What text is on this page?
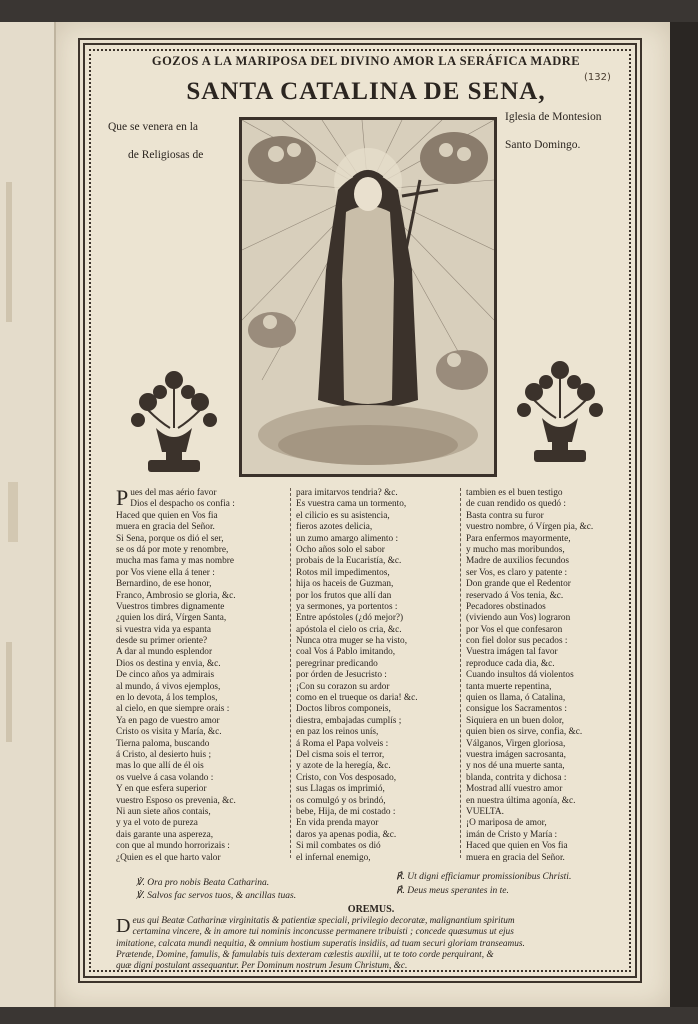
GOZOS A LA MARIPOSA DEL DIVINO AMOR LA SERÁFICA MADRE
SANTA CATALINA DE SENA,
(132)
Que se venera en la
de Religiosas de
Iglesia de Montesion
Santo Domingo.
P ues del mas aério favor
Dios el despacho os confia :
Haced que quien en Vos fia
muera en gracia del Señor.
Si Sena, porque os dió el ser,
se os dá por mote y renombre,
mucha mas fama y mas nombre
por Vos viene ella á tener :
Bernardino, de ese honor,
Franco, Ambrosio se gloria, &c.
Vuestros timbres dignamente
¿quien los dirá, Vírgen Santa,
si vuestra vida ya espanta
desde su primer oriente?
A dar al mundo esplendor
Dios os destina y envia, &c.
De cinco años ya admirais
al mundo, á vivos ejemplos,
en lo devota, á los templos,
al cielo, en que siempre orais :
Ya en pago de vuestro amor
Cristo os visita y María, &c.
Tierna paloma, buscando
á Cristo, al desierto huis ;
mas lo que allí de él ois
os vuelve á casa volando :
Y en que esfera superior
vuestro Esposo os prevenia, &c.
Ni aun siete años contais,
y ya el voto de pureza
dais garante una aspereza,
con que al mundo horrorizais :
¿Quien es el que harto valor
para imitarvos tendria? &c.
Es vuestra cama un tormento,
el cilicio es su asistencia,
fieros azotes delicia,
un zumo amargo alimento :
Ocho años solo el sabor
probais de la Eucaristía, &c.
Rotos mil impedimentos,
hija os haceis de Guzman,
por los frutos que allí dan
ya sermones, ya portentos :
Entre apóstoles (¿dó mejor?)
apóstola el cielo os cria, &c.
Nunca otra muger se ha visto,
coal Vos á Pablo imitando,
peregrinar predicando
por órden de Jesucristo :
¡Con su corazon su ardor
como en el trueque os daria! &c.
Doctos libros componeis,
diestra, embajadas cumplís ;
en paz los reinos unís,
á Roma el Papa volveis :
Del cisma sois el terror,
y azote de la heregía, &c.
Cristo, con Vos desposado,
sus Llagas os imprimió,
os comulgó y os brindó,
bebe, Hija, de mi costado :
En vida prenda mayor
daros ya apenas podia, &c.
Si mil combates os dió
el infernal enemigo,
tambien es el buen testigo
de cuan rendido os quedó :
Basta contra su furor
vuestro nombre, ó Vírgen pia, &c.
Para enfermos mayormente,
y mucho mas moribundos,
Madre de auxilios fecundos
ser Vos, es claro y patente :
Don grande que el Redentor
reservado á Vos tenia, &c.
Pecadores obstinados
(viviendo aun Vos) lograron
por Vos el que confesaron
con fiel dolor sus pecados :
Vuestra imágen tal favor
reproduce cada dia, &c.
Cuando insultos dá violentos
tanta muerte repentina,
quien os llama, ó Catalina,
consigue los Sacramentos :
Siquiera en un buen dolor,
quien bien os sirve, confia, &c.
Válganos, Virgen gloriosa,
vuestra imágen sacrosanta,
y nos dé una muerte santa,
blanda, contrita y dichosa :
Mostrad allí vuestro amor
en nuestra última agonía, &c.
VUELTA.
¡O mariposa de amor,
imán de Cristo y María :
Haced que quien en Vos fia
muera en gracia del Señor.
℣. Ora pro nobis Beata Catharina.
℟. Ut digni efficiamur promissionibus Christi.
℣. Salvos fac servos tuos, & ancillas tuas.	℟. Deus meus sperantes in te.
OREMUS.
D eus qui Beatæ Catharinæ virginitatis & patientiæ speciali, privilegio decoratæ, malignantium spiritum
certamina vincere, & in amore tui nominis inconcusse permanere tribuisti ; concede quæsumus ut ejus
imitatione, calcata mundi nequitia, & omnium hostium superatis insidiis, ad tuam securi gloriam transeamus.
Prætende, Domine, famulis, & famulabis tuis dexteram cælestis auxilii, ut te toto corde perquirant, &
quæ digni postulant assequantur. Per Dominum nostrum Jesum Christum, &c.
